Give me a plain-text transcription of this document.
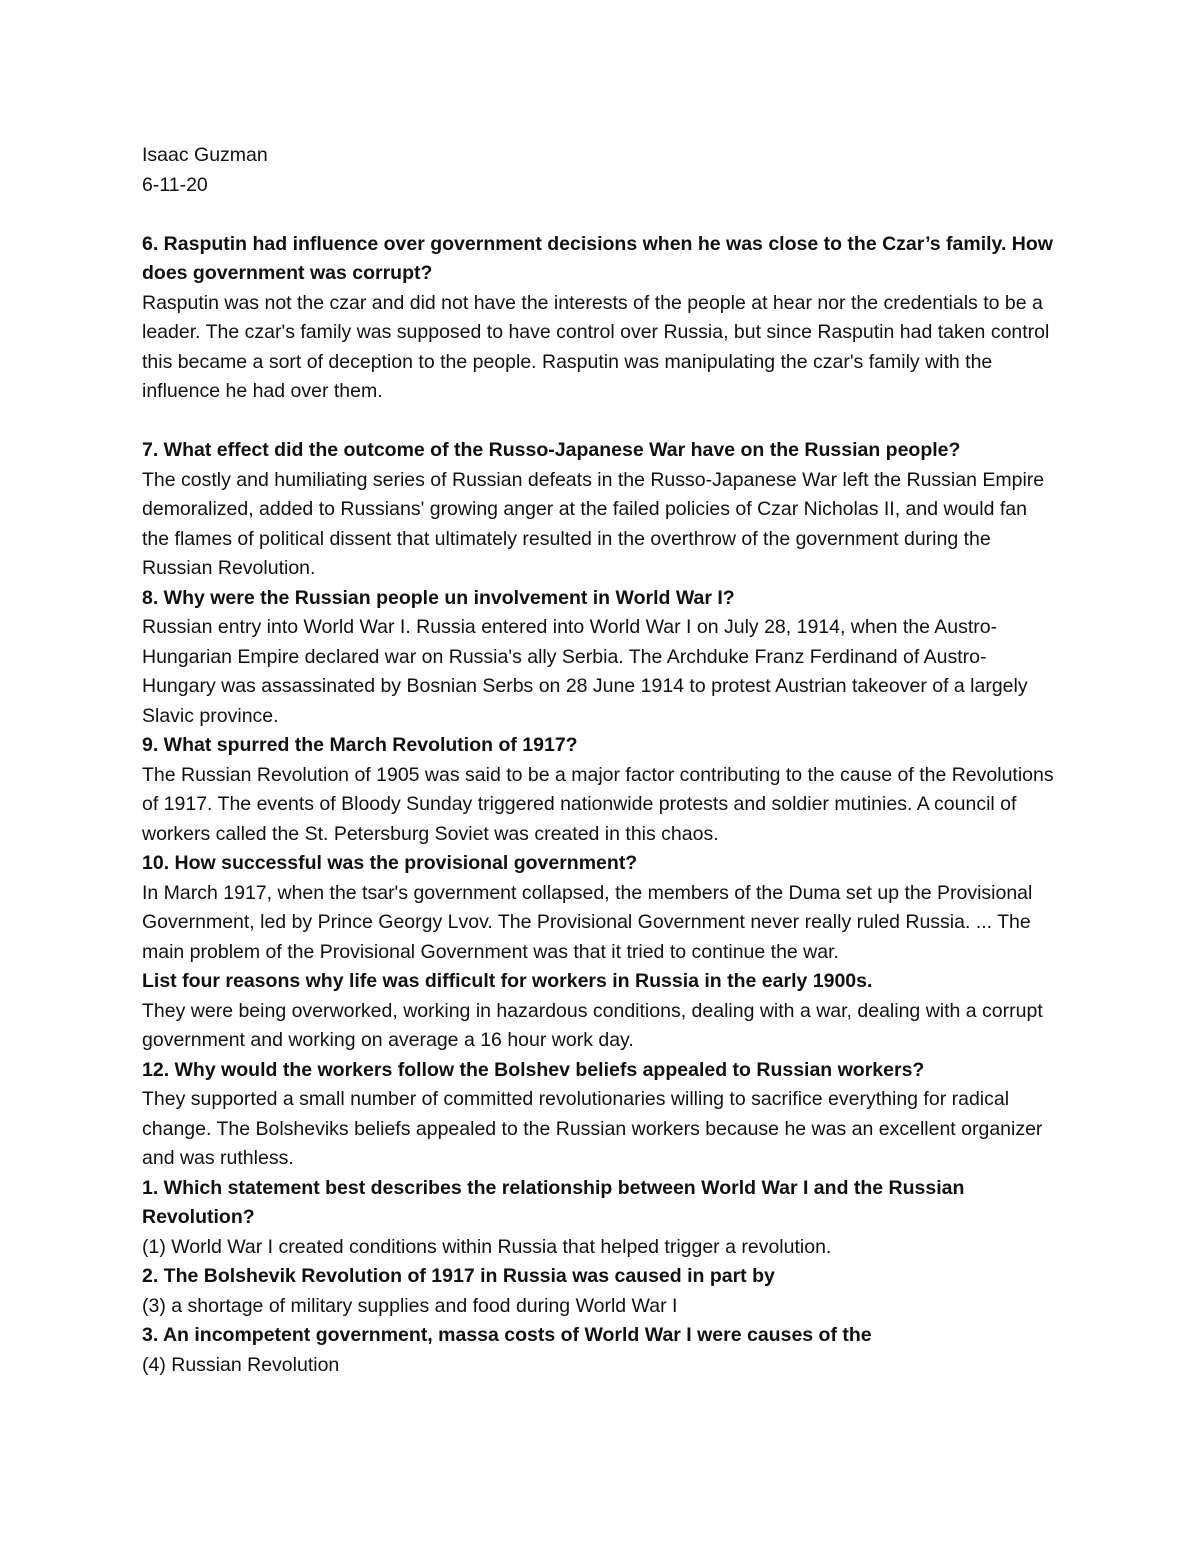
Isaac Guzman
6-11-20

6. Rasputin had influence over government decisions when he was close to the Czar’s family. How does government was corrupt?

Rasputin was not the czar and did not have the interests of the people at hear nor the credentials to be a leader. The czar's family was supposed to have control over Russia, but since Rasputin had taken control this became a sort of deception to the people. Rasputin was manipulating the czar's family with the influence he had over them.

7. What effect did the outcome of the Russo-Japanese War have on the Russian people?

The costly and humiliating series of Russian defeats in the Russo-Japanese War left the Russian Empire demoralized, added to Russians' growing anger at the failed policies of Czar Nicholas II, and would fan the flames of political dissent that ultimately resulted in the overthrow of the government during the Russian Revolution.

8. Why were the Russian people un involvement in World War I?

Russian entry into World War I. Russia entered into World War I on July 28, 1914, when the Austro-Hungarian Empire declared war on Russia's ally Serbia. The Archduke Franz Ferdinand of Austro-Hungary was assassinated by Bosnian Serbs on 28 June 1914 to protest Austrian takeover of a largely Slavic province.

9. What spurred the March Revolution of 1917?

The Russian Revolution of 1905 was said to be a major factor contributing to the cause of the Revolutions of 1917. The events of Bloody Sunday triggered nationwide protests and soldier mutinies. A council of workers called the St. Petersburg Soviet was created in this chaos.

10. How successful was the provisional government?

In March 1917, when the tsar's government collapsed, the members of the Duma set up the Provisional Government, led by Prince Georgy Lvov. The Provisional Government never really ruled Russia. ... The main problem of the Provisional Government was that it tried to continue the war.

List four reasons why life was difficult for workers in Russia in the early 1900s.

They were being overworked, working in hazardous conditions, dealing with a war, dealing with a corrupt government and working on average a 16 hour work day.

12. Why would the workers follow the Bolshev beliefs appealed to Russian workers?

They supported a small number of committed revolutionaries willing to sacrifice everything for radical change. The Bolsheviks beliefs appealed to the Russian workers because he was an excellent organizer and was ruthless.

1. Which statement best describes the relationship between World War I and the Russian Revolution?

(1) World War I created conditions within Russia that helped trigger a revolution.

2. The Bolshevik Revolution of 1917 in Russia was caused in part by

(3) a shortage of military supplies and food during World War I

3. An incompetent government, massa costs of World War I were causes of the

(4) Russian Revolution
